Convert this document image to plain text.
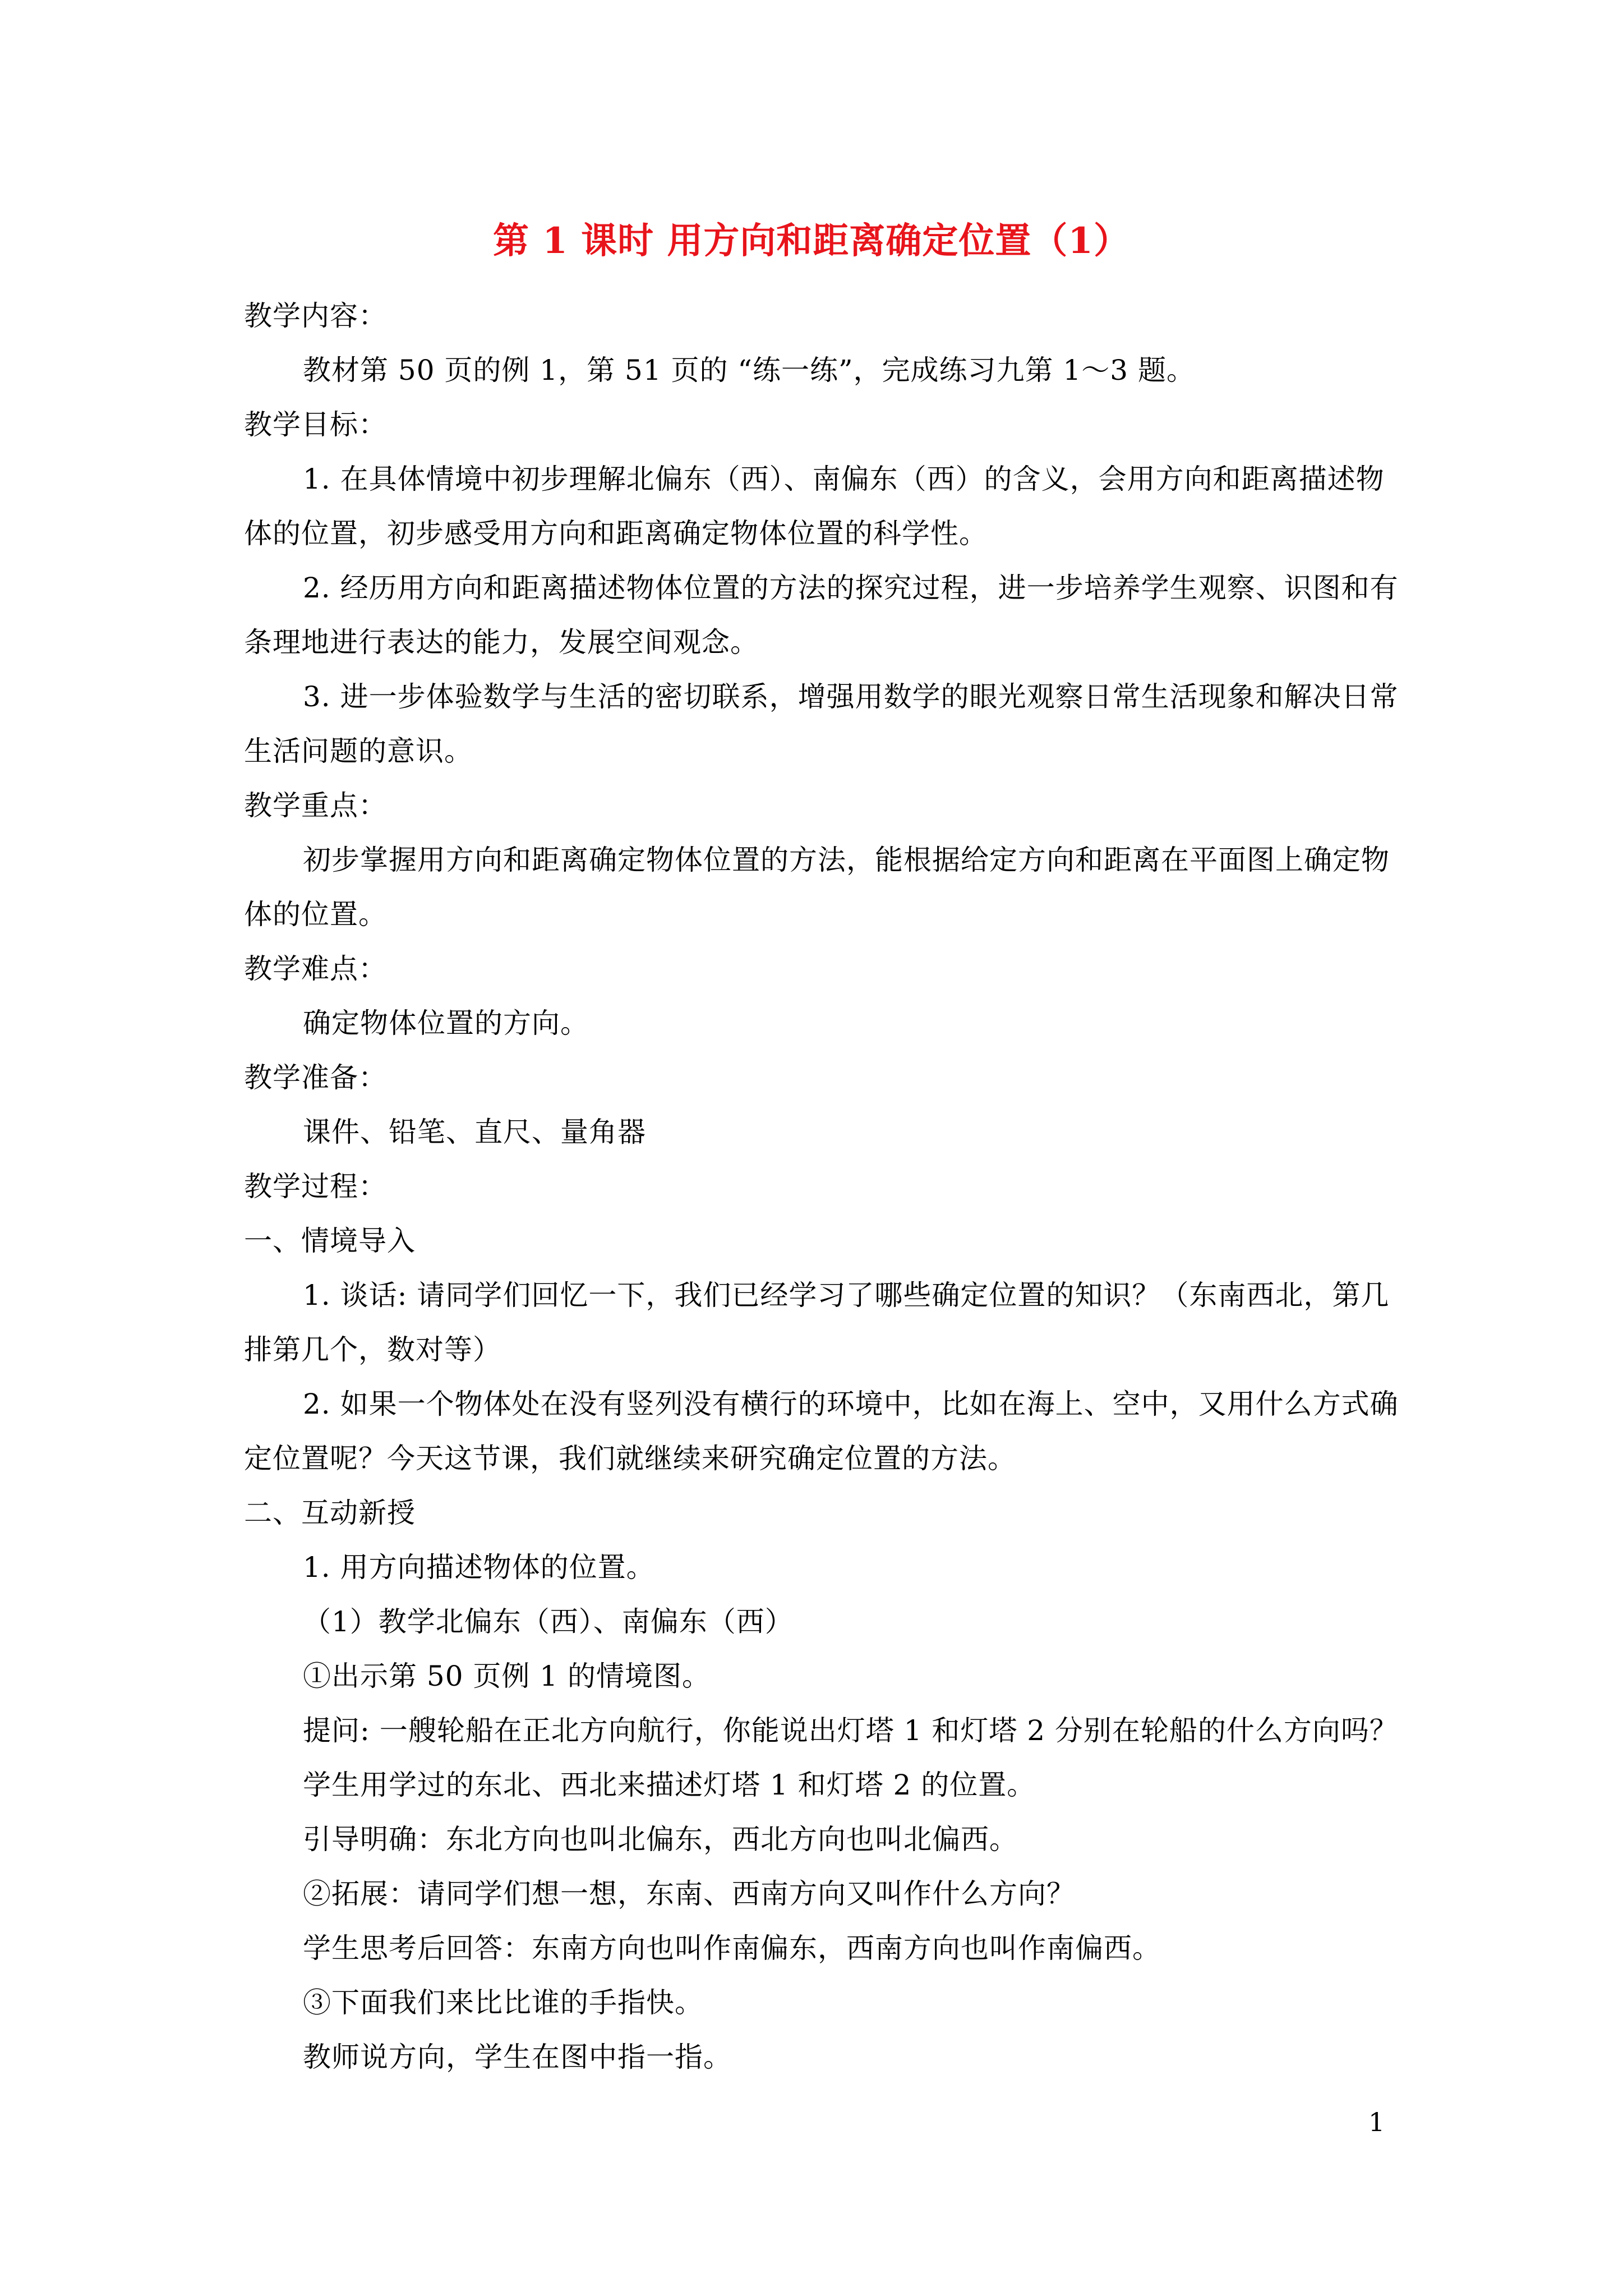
第 1 课时 用方向和距离确定位置（1）
教学内容：
教材第 50 页的例 1，第 51 页的 “练一练”，完成练习九第 1～3 题。
教学目标：
1. 在具体情境中初步理解北偏东（西）、南偏东（西）的含义，会用方向和距离描述物
体的位置，初步感受用方向和距离确定物体位置的科学性。
2. 经历用方向和距离描述物体位置的方法的探究过程，进一步培养学生观察、识图和有
条理地进行表达的能力，发展空间观念。
3. 进一步体验数学与生活的密切联系，增强用数学的眼光观察日常生活现象和解决日常
生活问题的意识。
教学重点：
初步掌握用方向和距离确定物体位置的方法，能根据给定方向和距离在平面图上确定物
体的位置。
教学难点：
确定物体位置的方向。
教学准备：
课件、铅笔、直尺、量角器
教学过程：
一、情境导入
1. 谈话: 请同学们回忆一下，我们已经学习了哪些确定位置的知识？（东南西北，第几
排第几个，数对等）
2. 如果一个物体处在没有竖列没有横行的环境中，比如在海上、空中，又用什么方式确
定位置呢？今天这节课，我们就继续来研究确定位置的方法。
二、互动新授
1. 用方向描述物体的位置。
（1）教学北偏东（西）、南偏东（西）
①出示第 50 页例 1 的情境图。
提问: 一艘轮船在正北方向航行，你能说出灯塔 1 和灯塔 2 分别在轮船的什么方向吗？
学生用学过的东北、西北来描述灯塔 1 和灯塔 2 的位置。
引导明确：东北方向也叫北偏东，西北方向也叫北偏西。
②拓展：请同学们想一想，东南、西南方向又叫作什么方向？
学生思考后回答：东南方向也叫作南偏东，西南方向也叫作南偏西。
③下面我们来比比谁的手指快。
教师说方向，学生在图中指一指。
1
